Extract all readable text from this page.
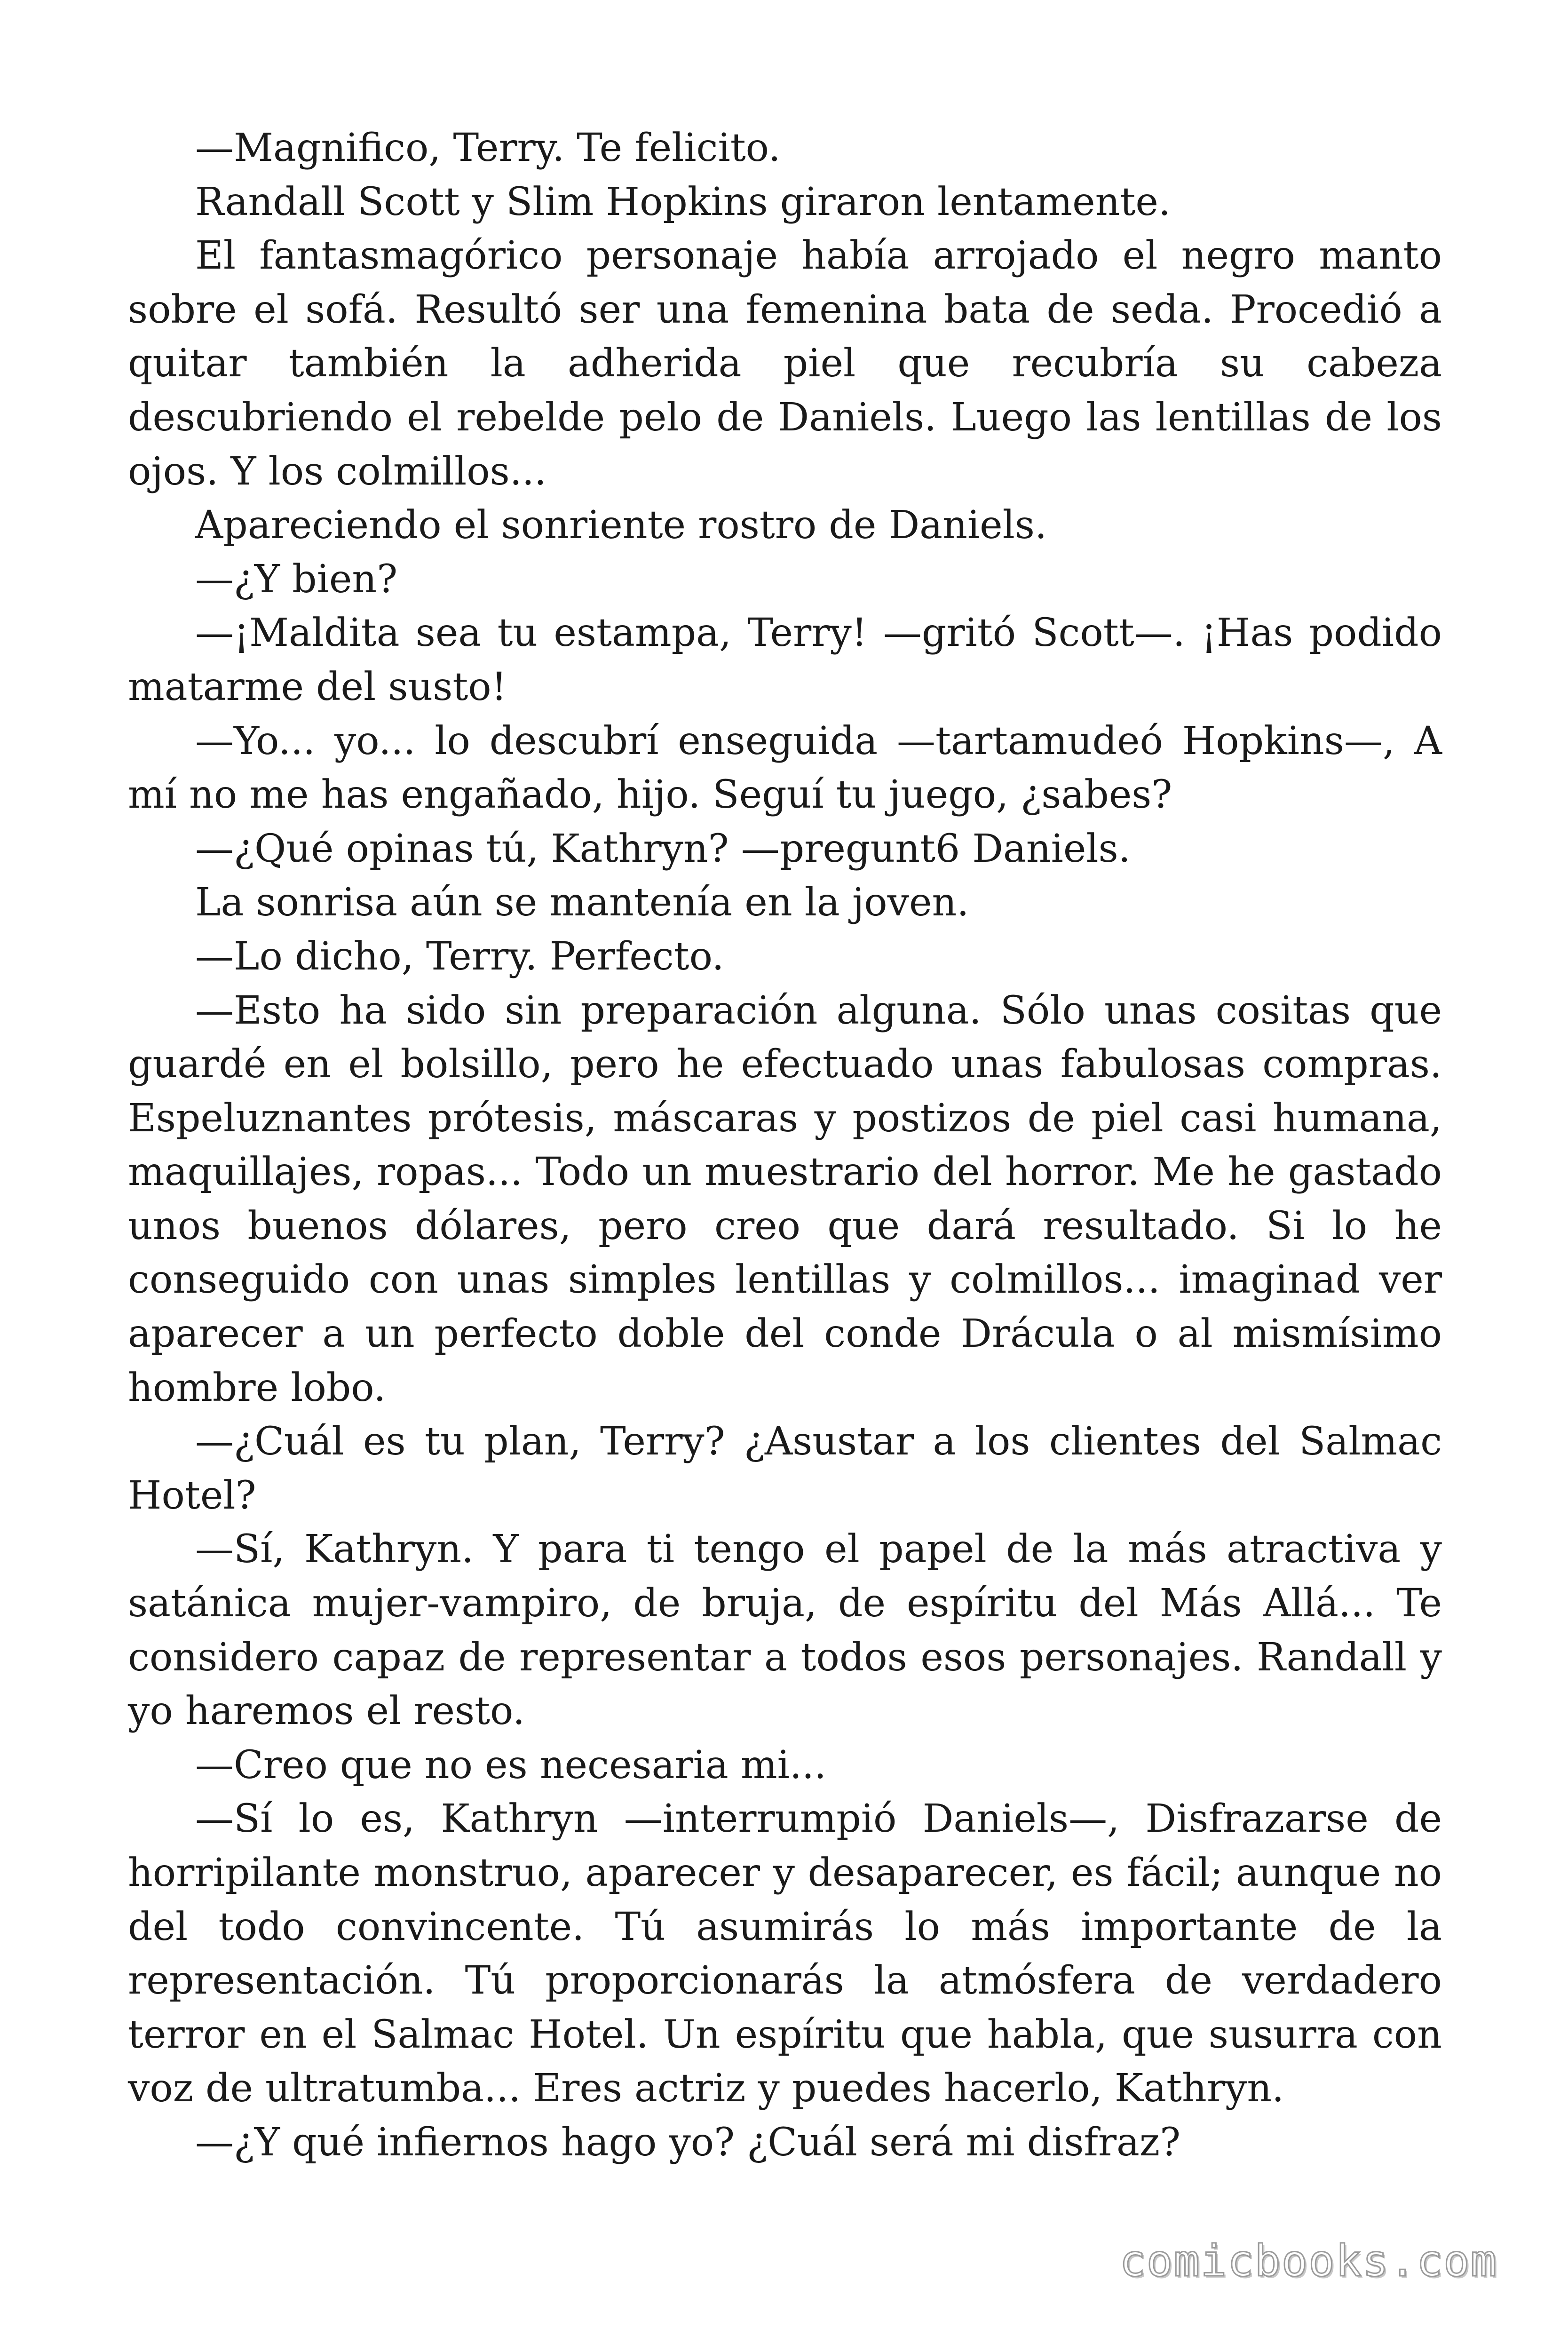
—Magnifico, Terry. Te felicito.

Randall Scott y Slim Hopkins giraron lentamente.

El fantasmagórico personaje había arrojado el negro manto sobre el sofá. Resultó ser una femenina bata de seda. Procedió a quitar también la adherida piel que recubría su cabeza descubriendo el rebelde pelo de Daniels. Luego las lentillas de los ojos. Y los colmillos...

Apareciendo el sonriente rostro de Daniels.

—¿Y bien?

—¡Maldita sea tu estampa, Terry! —gritó Scott—. ¡Has podido matarme del susto!

—Yo... yo... lo descubrí enseguida —tartamudeó Hopkins—, A mí no me has engañado, hijo. Seguí tu juego, ¿sabes?

—¿Qué opinas tú, Kathryn? —pregunt6 Daniels.

La sonrisa aún se mantenía en la joven.

—Lo dicho, Terry. Perfecto.

—Esto ha sido sin preparación alguna. Sólo unas cositas que guardé en el bolsillo, pero he efectuado unas fabulosas compras. Espeluznantes prótesis, máscaras y postizos de piel casi humana, maquillajes, ropas... Todo un muestrario del horror. Me he gastado unos buenos dólares, pero creo que dará resultado. Si lo he conseguido con unas simples lentillas y colmillos... imaginad ver aparecer a un perfecto doble del conde Drácula o al mismísimo hombre lobo.

—¿Cuál es tu plan, Terry? ¿Asustar a los clientes del Salmac Hotel?

—Sí, Kathryn. Y para ti tengo el papel de la más atractiva y satánica mujer-vampiro, de bruja, de espíritu del Más Allá... Te considero capaz de representar a todos esos personajes. Randall y yo haremos el resto.

—Creo que no es necesaria mi...

—Sí lo es, Kathryn —interrumpió Daniels—, Disfrazarse de horripilante monstruo, aparecer y desaparecer, es fácil; aunque no del todo convincente. Tú asumirás lo más importante de la representación. Tú proporcionarás la atmósfera de verdadero terror en el Salmac Hotel. Un espíritu que habla, que susurra con voz de ultratumba... Eres actriz y puedes hacerlo, Kathryn.

—¿Y qué infiernos hago yo? ¿Cuál será mi disfraz?

comicbooks.com
